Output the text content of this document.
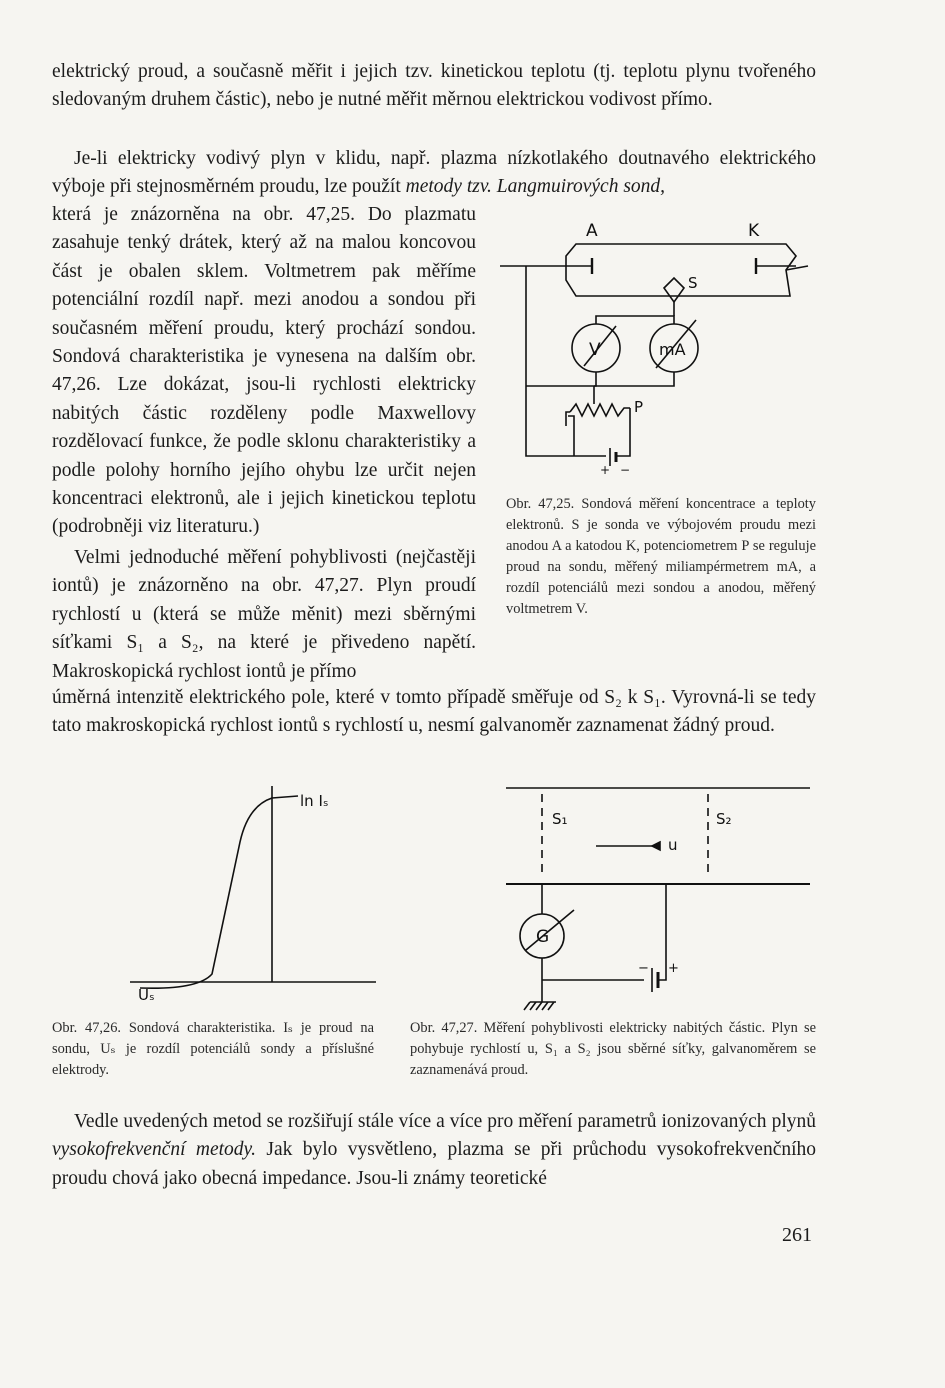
elektrický proud, a současně měřit i jejich tzv. kinetickou teplotu (tj. teplotu plynu tvořeného sledovaným druhem částic), nebo je nutné měřit měrnou elektrickou vodivost přímo.

Je-li elektricky vodivý plyn v klidu, např. plazma nízkotlakého doutnavého elektrického výboje při stejnosměrném proudu, lze použít metody tzv. Langmuirových sond,

která je znázorněna na obr. 47,25. Do plazmatu zasahuje tenký drátek, který až na malou koncovou část je obalen sklem. Voltmetrem pak měříme potenciální rozdíl např. mezi anodou a sondou při současném měření proudu, který prochází sondou. Sondová charakteristika je vynesena na dalším obr. 47,26. Lze dokázat, jsou-li rychlosti elektricky nabitých částic rozděleny podle Maxwellovy rozdělovací funkce, že podle sklonu charakteristiky a podle polohy horního jejího ohybu lze určit nejen koncentraci elektronů, ale i jejich kinetickou teplotu (podrobněji viz literaturu.)

Velmi jednoduché měření pohyblivosti (nejčastěji iontů) je znázorněno na obr. 47,27. Plyn proudí rychlostí u (která se může měnit) mezi sběrnými síťkami S₁ a S₂, na které je přivedeno napětí. Makroskopická rychlost iontů je přímo

úměrná intenzitě elektrického pole, které v tomto případě směřuje od S₂ k S₁. Vyrovná-li se tedy tato makroskopická rychlost iontů s rychlostí u, nesmí galvanoměr zaznamenat žádný proud.

A	K
S
V	mA
P
+ −

Obr. 47,25. Sondová měření koncentrace a teploty elektronů. S je sonda ve výbojovém proudu mezi anodou A a katodou K, potenciometrem P se reguluje proud na sondu, měřený miliampérmetrem mA, a rozdíl potenciálů mezi sondou a anodou, měřený voltmetrem V.

ln Iₛ
Uₛ

Obr. 47,26. Sondová charakteristika. Iₛ je proud na sondu, Uₛ je rozdíl potenciálů sondy a příslušné elektrody.

S₁	S₂
u
G
− +

Obr. 47,27. Měření pohyblivosti elektricky nabitých částic. Plyn se pohybuje rychlostí u, S₁ a S₂ jsou sběrné síťky, galvanoměrem se zaznamenává proud.

Vedle uvedených metod se rozšiřují stále více a více pro měření parametrů ionizovaných plynů vysokofrekvenční metody. Jak bylo vysvětleno, plazma se při průchodu vysokofrekvenčního proudu chová jako obecná impedance. Jsou-li známy teoretické

261
